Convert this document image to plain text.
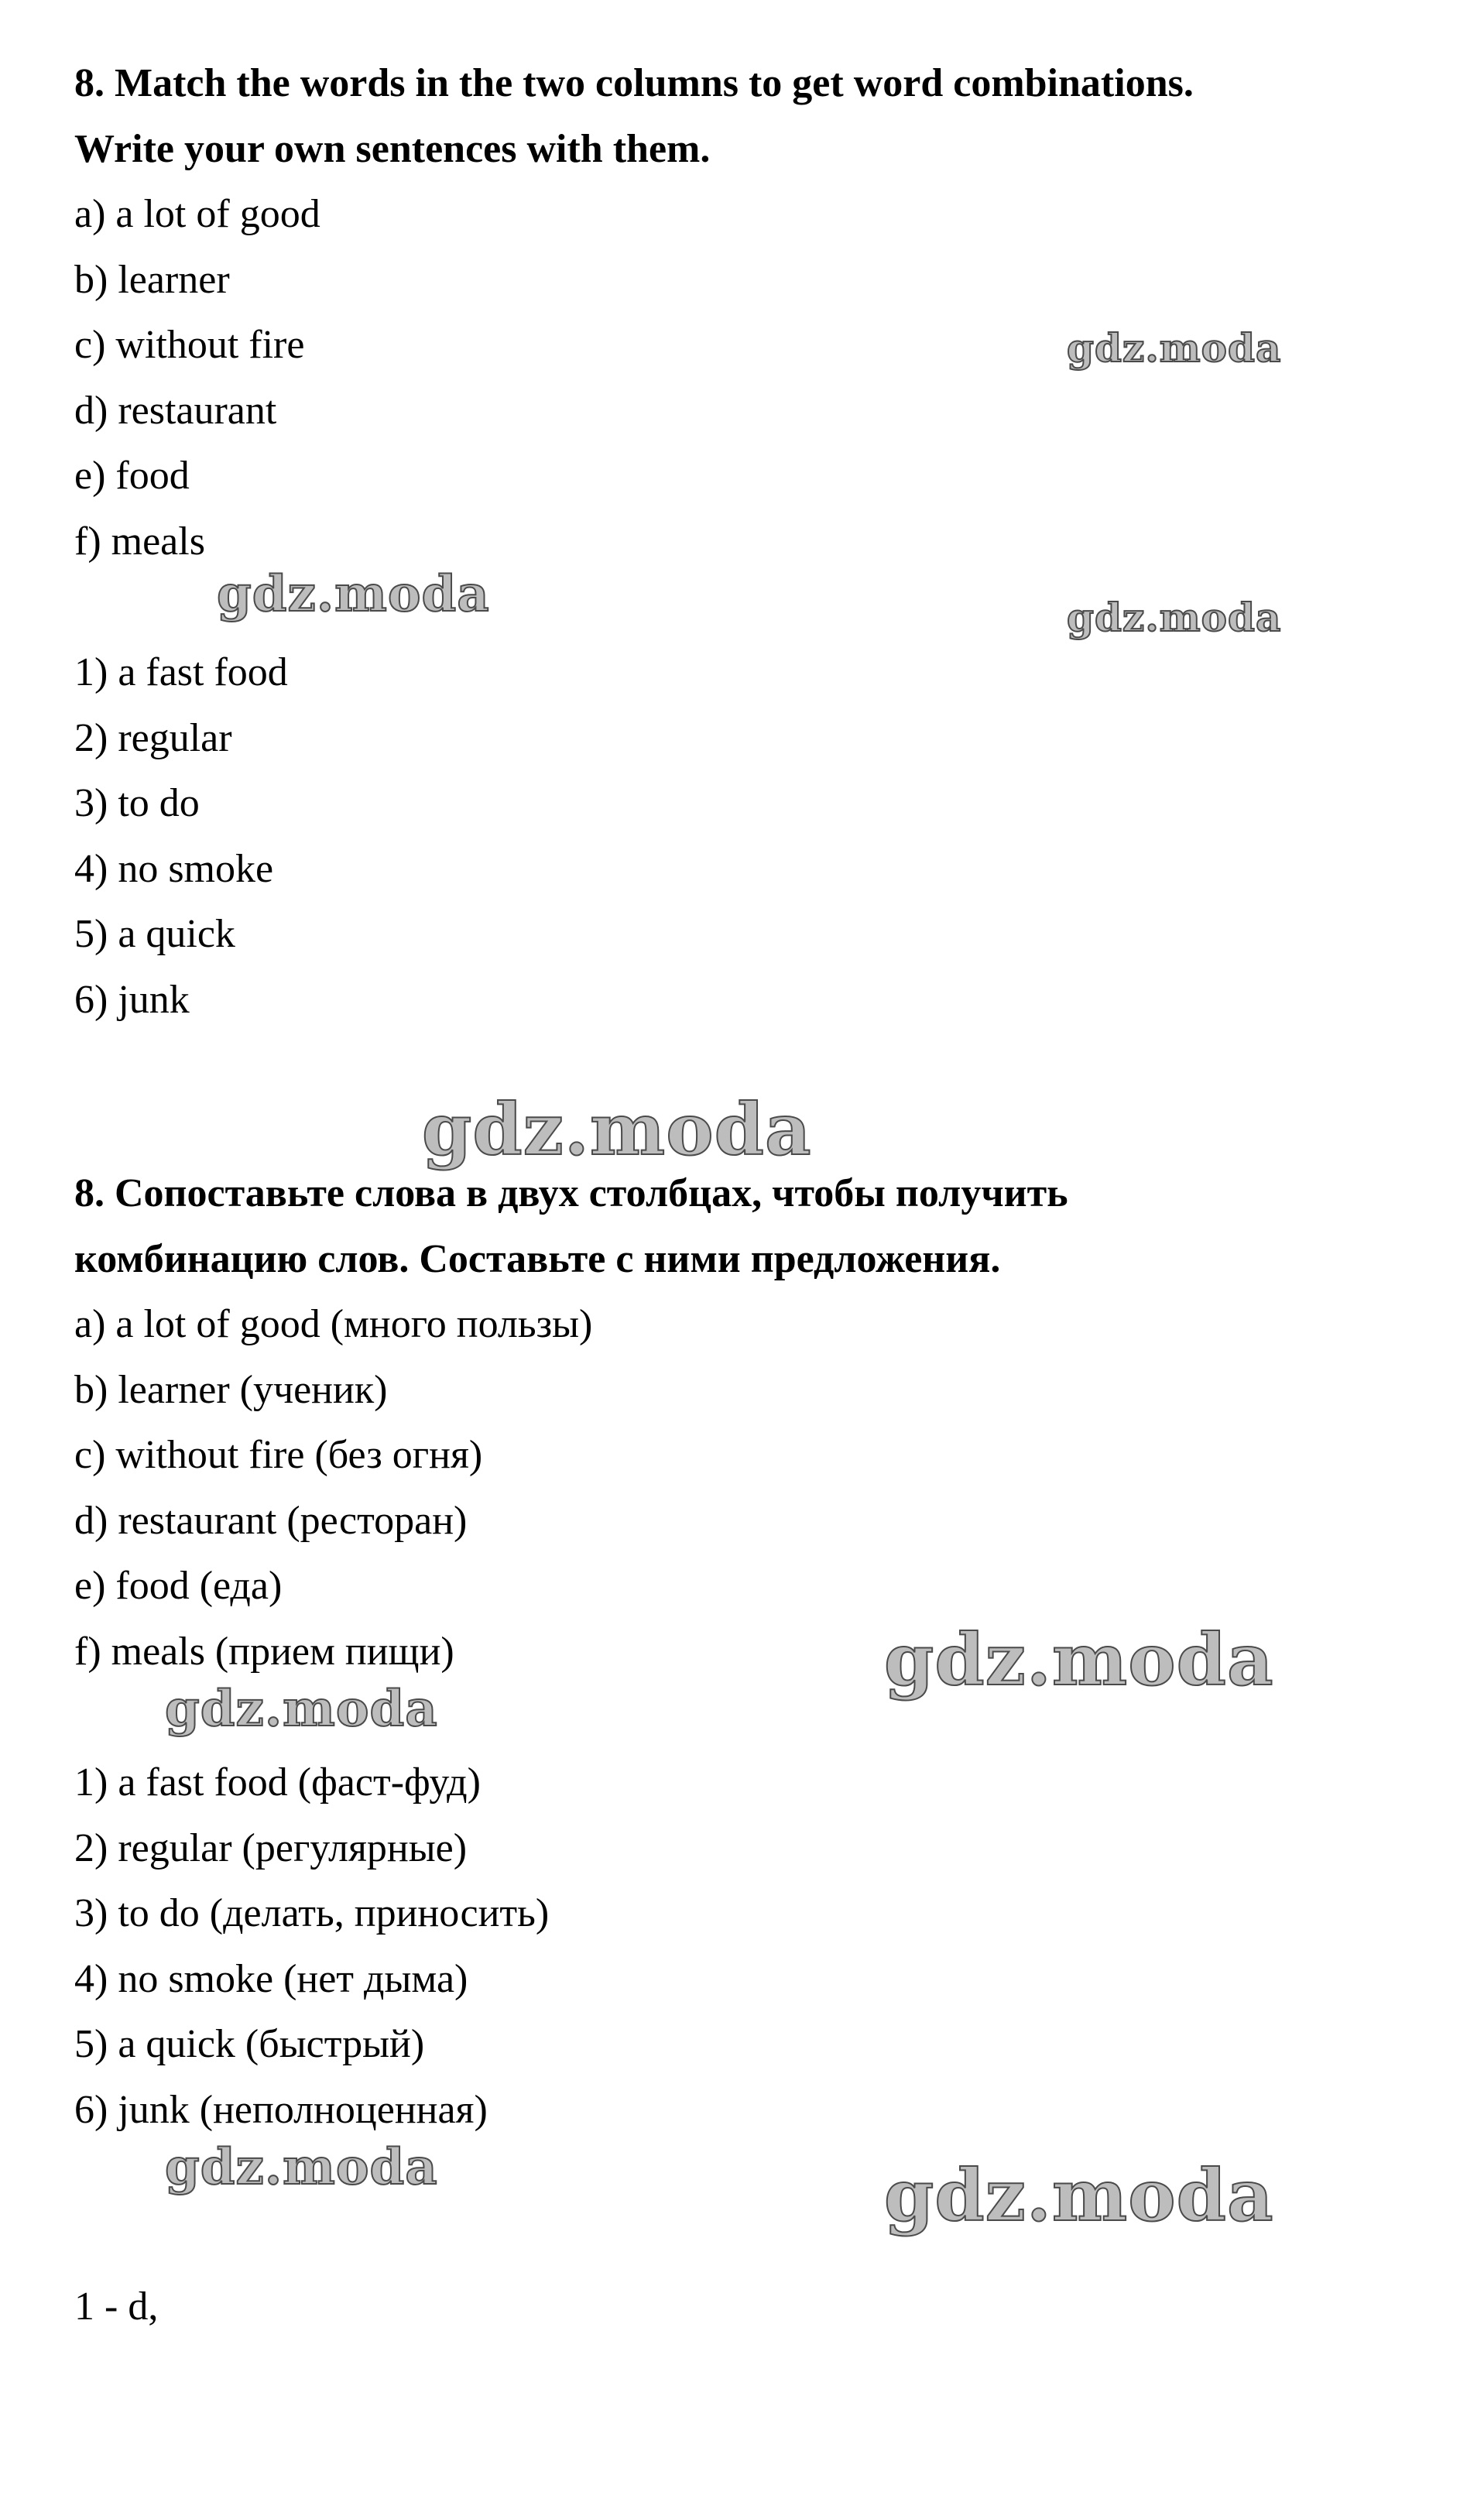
8. Match the words in the two columns to get word combinations.
Write your own sentences with them.
a) a lot of good
b) learner
c) without fire
d) restaurant
e) food
f) meals
1) a fast food
2) regular
3) to do
4) no smoke
5) a quick
6) junk
8. Сопоставьте слова в двух столбцах, чтобы получить
комбинацию слов. Составьте с ними предложения.
a) a lot of good (много пользы)
b) learner (ученик)
c) without fire (без огня)
d) restaurant (ресторан)
e) food (еда)
f) meals (прием пищи)
1) a fast food (фаст-фуд)
2) regular (регулярные)
3) to do (делать, приносить)
4) no smoke (нет дыма)
5) a quick (быстрый)
6) junk (неполноценная)
1 - d,
gdz.moda
gdz.moda	gdz.moda
gdz.moda
gdz.moda
gdz.moda
gdz.moda	gdz.moda
